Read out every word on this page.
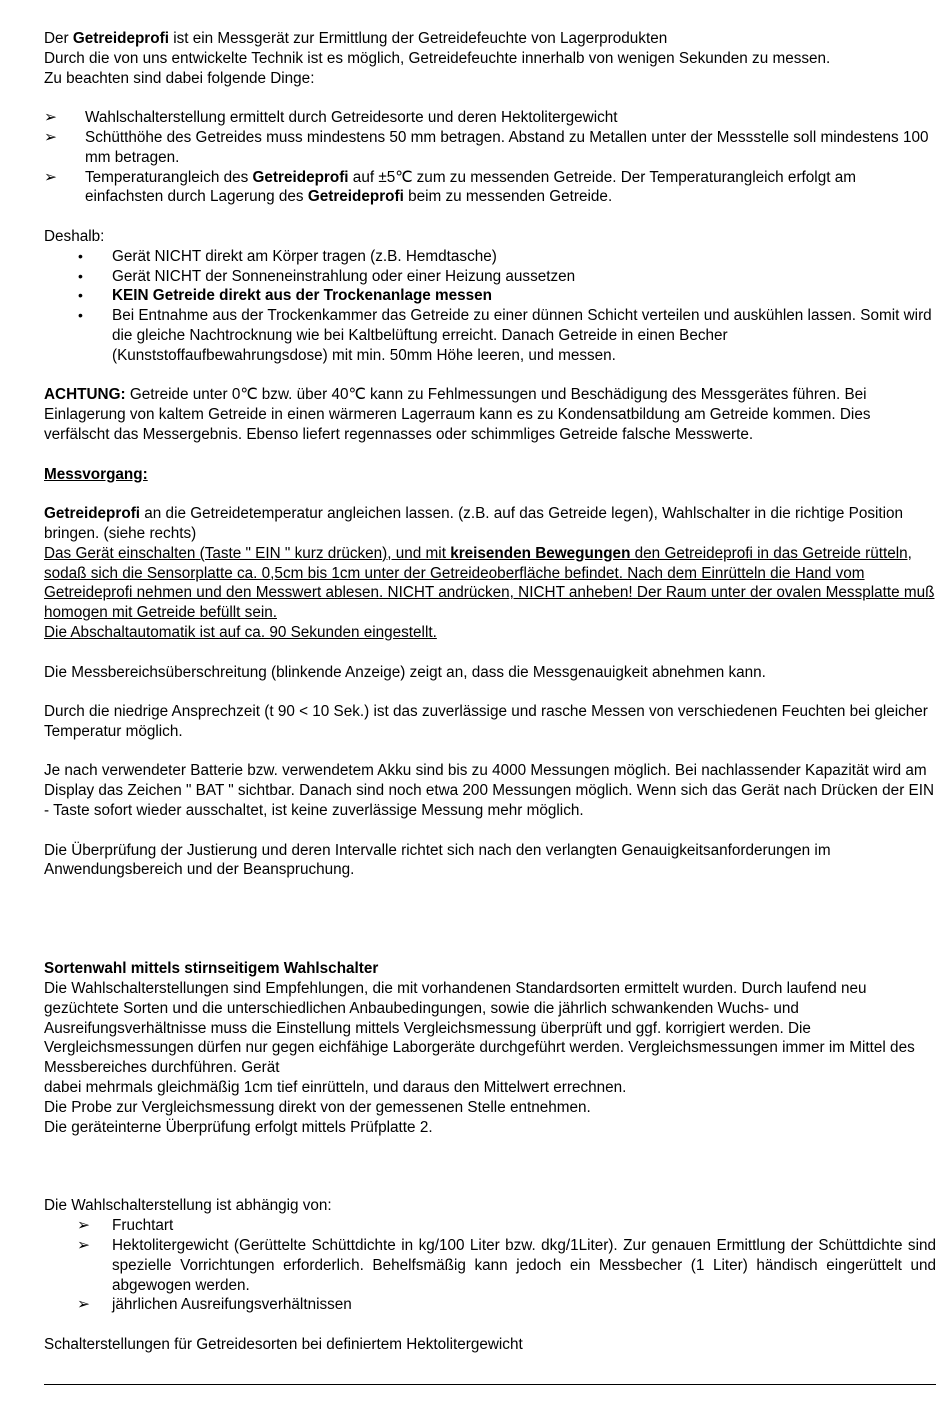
Der Getreideprofi ist ein Messgerät zur Ermittlung der Getreidefeuchte von Lagerprodukten

Durch die von uns entwickelte Technik ist es möglich, Getreidefeuchte innerhalb von wenigen Sekunden zu messen.

Zu beachten sind dabei folgende Dinge:

➢ Wahlschalterstellung ermittelt durch Getreidesorte und deren Hektolitergewicht
➢ Schütthöhe des Getreides muss mindestens 50 mm betragen. Abstand zu Metallen unter der Messstelle soll mindestens 100 mm betragen.
➢ Temperaturangleich des Getreideprofi auf ±5℃ zum zu messenden Getreide. Der Temperaturangleich erfolgt am einfachsten durch Lagerung des Getreideprofi beim zu messenden Getreide.

Deshalb:

• Gerät NICHT direkt am Körper tragen (z.B. Hemdtasche)
• Gerät NICHT der Sonneneinstrahlung oder einer Heizung aussetzen
• KEIN Getreide direkt aus der Trockenanlage messen
• Bei Entnahme aus der Trockenkammer das Getreide zu einer dünnen Schicht verteilen und auskühlen lassen. Somit wird die gleiche Nachtrocknung wie bei Kaltbelüftung erreicht. Danach Getreide in einen Becher (Kunststoffaufbewahrungsdose) mit min. 50mm Höhe leeren, und messen.

ACHTUNG: Getreide unter 0℃ bzw. über 40℃ kann zu Fehlmessungen und Beschädigung des Messgerätes führen. Bei Einlagerung von kaltem Getreide in einen wärmeren Lagerraum kann es zu Kondensatbildung am Getreide kommen. Dies verfälscht das Messergebnis. Ebenso liefert regennasses oder schimmliges Getreide falsche Messwerte.

Messvorgang:

Getreideprofi an die Getreidetemperatur angleichen lassen. (z.B. auf das Getreide legen), Wahlschalter in die richtige Position bringen. (siehe rechts)

Das Gerät einschalten (Taste " EIN " kurz drücken), und mit kreisenden Bewegungen den Getreideprofi in das Getreide rütteln, sodaß sich die Sensorplatte ca. 0,5cm bis 1cm unter der Getreideoberfläche befindet. Nach dem Einrütteln die Hand vom Getreideprofi nehmen und den Messwert ablesen. NICHT andrücken, NICHT anheben! Der Raum unter der ovalen Messplatte muß homogen mit Getreide befüllt sein.

Die Abschaltautomatik ist auf ca. 90 Sekunden eingestellt.

Die Messbereichsüberschreitung (blinkende Anzeige) zeigt an, dass die Messgenauigkeit abnehmen kann.

Durch die niedrige Ansprechzeit (t 90 < 10 Sek.) ist das zuverlässige und rasche Messen von verschiedenen Feuchten bei gleicher Temperatur möglich.

Je nach verwendeter Batterie bzw. verwendetem Akku sind bis zu 4000 Messungen möglich. Bei nachlassender Kapazität wird am Display das Zeichen " BAT " sichtbar. Danach sind noch etwa 200 Messungen möglich. Wenn sich das Gerät nach Drücken der EIN - Taste sofort wieder ausschaltet, ist keine zuverlässige Messung mehr möglich.

Die Überprüfung der Justierung und deren Intervalle richtet sich nach den verlangten Genauigkeitsanforderungen im Anwendungsbereich und der Beanspruchung.

Sortenwahl mittels stirnseitigem Wahlschalter

Die Wahlschalterstellungen sind Empfehlungen, die mit vorhandenen Standardsorten ermittelt wurden. Durch laufend neu gezüchtete Sorten und die unterschiedlichen Anbaubedingungen, sowie die jährlich schwankenden Wuchs- und Ausreifungsverhältnisse muss die Einstellung mittels Vergleichsmessung überprüft und ggf. korrigiert werden. Die Vergleichsmessungen dürfen nur gegen eichfähige Laborgeräte durchgeführt werden. Vergleichsmessungen immer im Mittel des Messbereiches durchführen. Gerät

dabei mehrmals gleichmäßig 1cm tief einrütteln, und daraus den Mittelwert errechnen.

Die Probe zur Vergleichsmessung direkt von der gemessenen Stelle entnehmen.

Die geräteinterne Überprüfung erfolgt mittels Prüfplatte 2.

Die Wahlschalterstellung ist abhängig von:

➢ Fruchtart
➢ Hektolitergewicht (Gerüttelte Schüttdichte in kg/100 Liter bzw. dkg/1Liter). Zur genauen Ermittlung der Schüttdichte sind spezielle Vorrichtungen erforderlich. Behelfsmäßig kann jedoch ein Messbecher (1 Liter) händisch eingerüttelt und abgewogen werden.
➢ jährlichen Ausreifungsverhältnissen

Schalterstellungen für Getreidesorten bei definiertem Hektolitergewicht
